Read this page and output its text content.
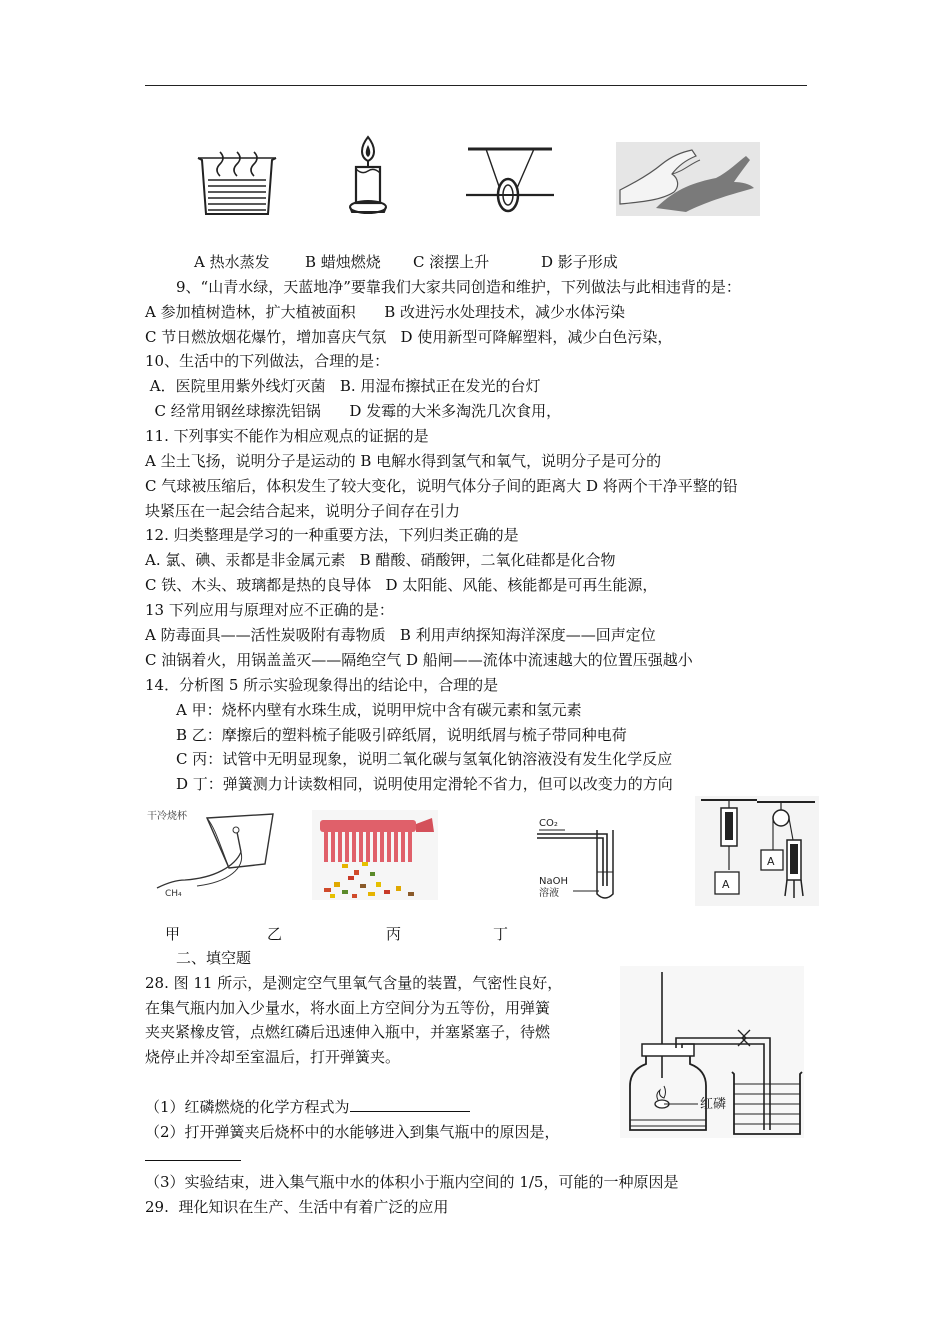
A 热水蒸发 B 蜡烛燃烧 C 滚摆上升	D 影子形成
9、“山青水绿，天蓝地净”要靠我们大家共同创造和维护，下列做法与此相违背的是：
A 参加植树造林，扩大植被面积      B 改进污水处理技术，减少水体污染
C 节日燃放烟花爆竹，增加喜庆气氛   D 使用新型可降解塑料，减少白色污染，
10、生活中的下列做法，合理的是：
A．医院里用紫外线灯灭菌   B. 用湿布擦拭正在发光的台灯
C 经常用钢丝球擦洗铝锅      D 发霉的大米多淘洗几次食用，
11. 下列事实不能作为相应观点的证据的是
A 尘土飞扬，说明分子是运动的 B 电解水得到氢气和氧气，说明分子是可分的
C 气球被压缩后，体积发生了较大变化，说明气体分子间的距离大 D 将两个干净平整的铅
块紧压在一起会结合起来，说明分子间存在引力
12. 归类整理是学习的一种重要方法，下列归类正确的是
A. 氯、碘、汞都是非金属元素   B 醋酸、硝酸钾，二氧化硅都是化合物
C 铁、木头、玻璃都是热的良导体   D 太阳能、风能、核能都是可再生能源，
13 下列应用与原理对应不正确的是：
A 防毒面具——活性炭吸附有毒物质   B 利用声纳探知海洋深度——回声定位
C 油锅着火，用锅盖盖灭——隔绝空气 D 船闸——流体中流速越大的位置压强越小
14．分析图 5 所示实验现象得出的结论中，合理的是
A 甲：烧杯内壁有水珠生成，说明甲烷中含有碳元素和氢元素
B 乙：摩擦后的塑料梳子能吸引碎纸屑，说明纸屑与梳子带同种电荷
C 丙：试管中无明显现象，说明二氧化碳与氢氧化钠溶液没有发生化学反应
D 丁：弹簧测力计读数相同，说明使用定滑轮不省力，但可以改变力的方向
干冷烧杯
CH₄
CO₂
NaOH
溶液
A
A
甲	乙	丙	丁
二、填空题
28. 图 11 所示，是测定空气里氧气含量的装置，气密性良好，
在集气瓶内加入少量水，将水面上方空间分为五等份，用弹簧
夹夹紧橡皮管，点燃红磷后迅速伸入瓶中，并塞紧塞子，待燃
烧停止并冷却至室温后，打开弹簧夹。
红磷
（1）红磷燃烧的化学方程式为
（2）打开弹簧夹后烧杯中的水能够进入到集气瓶中的原因是，
（3）实验结束，进入集气瓶中水的体积小于瓶内空间的 1/5，可能的一种原因是
29.  理化知识在生产、生活中有着广泛的应用
